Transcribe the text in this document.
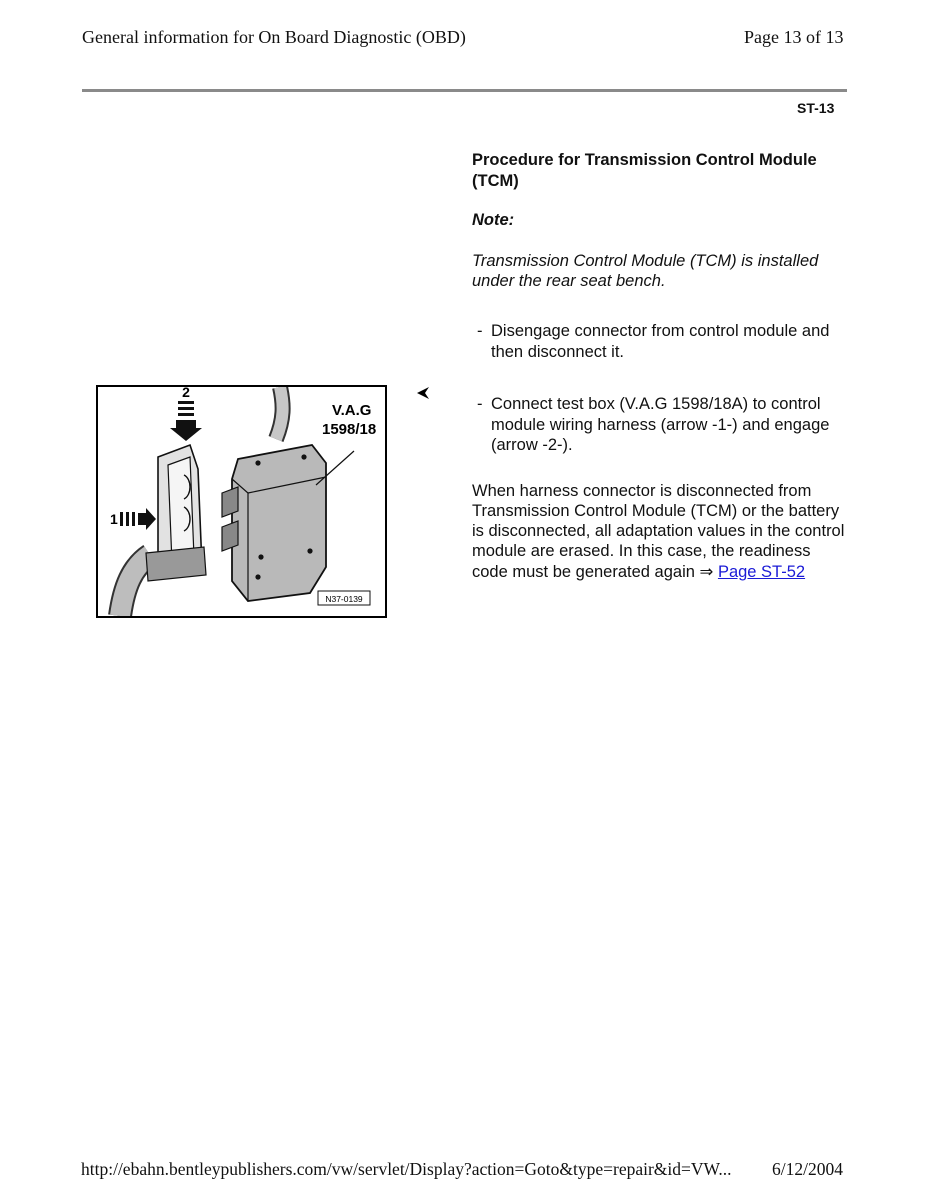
General information for On Board Diagnostic (OBD)	Page 13 of 13
ST-13
Procedure for Transmission Control Module
(TCM)
Note:
Transmission Control Module (TCM) is installed
under the rear seat bench.
- Disengage connector from control module and
then disconnect it.
- Connect test box (V.A.G 1598/18A) to control
module wiring harness (arrow -1-) and engage
(arrow -2-).
When harness connector is disconnected from
Transmission Control Module (TCM) or the battery
is disconnected, all adaptation values in the control
module are erased. In this case, the readiness
code must be generated again ⇒ Page ST-52
2
1
V.A.G
1598/18
N37-0139
http://ebahn.bentleypublishers.com/vw/servlet/Display?action=Goto&type=repair&id=VW... 6/12/2004
